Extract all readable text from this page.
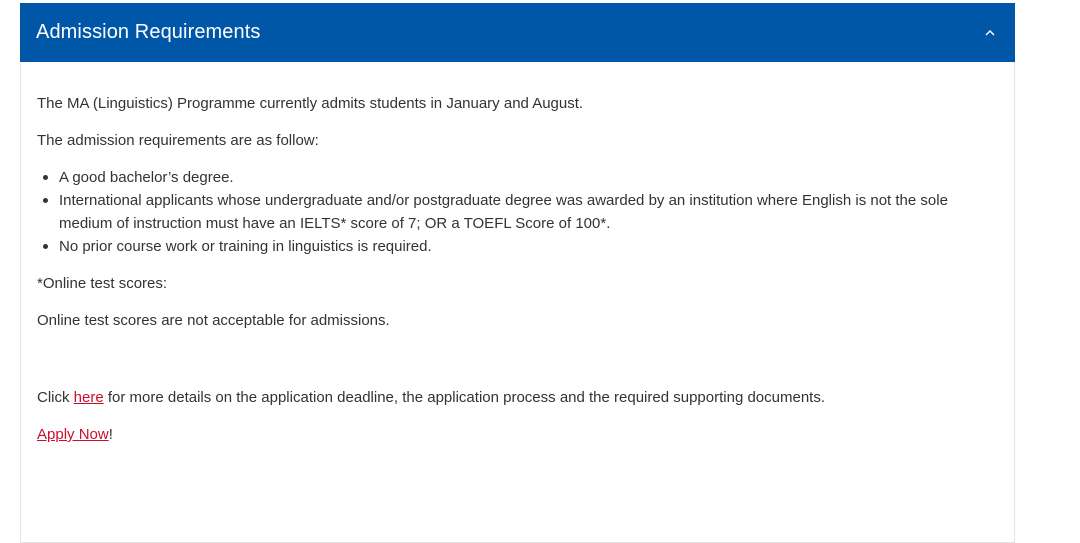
Admission Requirements

The MA (Linguistics) Programme currently admits students in January and August.

The admission requirements are as follow:

A good bachelor’s degree.
International applicants whose undergraduate and/or postgraduate degree was awarded by an institution where English is not the sole medium of instruction must have an IELTS* score of 7; OR a TOEFL Score of 100*.
No prior course work or training in linguistics is required.

*Online test scores:

Online test scores are not acceptable for admissions.

Click here for more details on the application deadline, the application process and the required supporting documents.

Apply Now!
